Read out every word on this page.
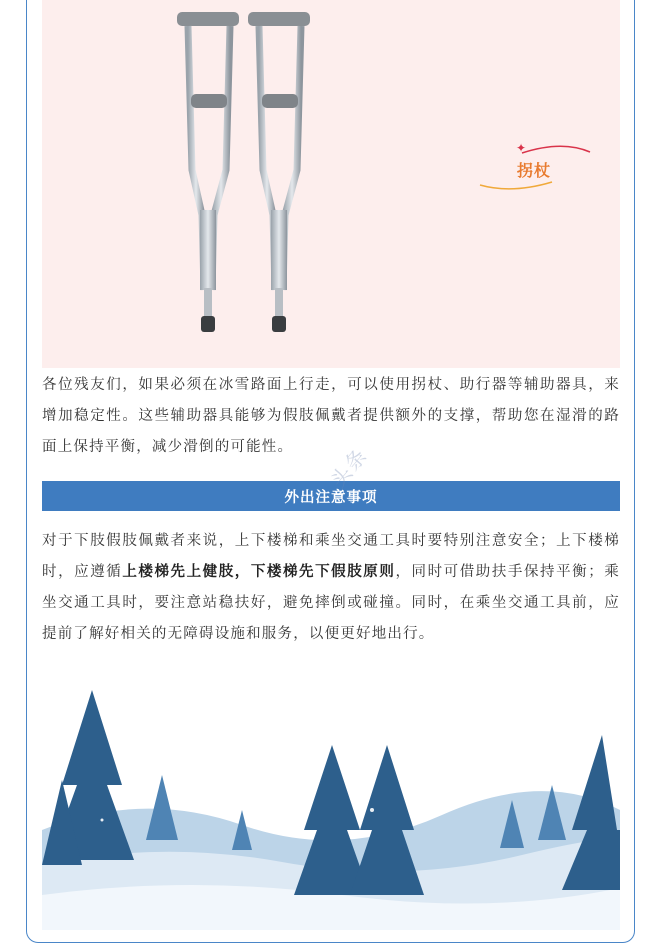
✦
拐杖

各位残友们，如果必须在冰雪路面上行走，可以使用拐杖、助行器等辅助器具，来增加稳定性。这些辅助器具能够为假肢佩戴者提供额外的支撑，帮助您在湿滑的路面上保持平衡，减少滑倒的可能性。

外出注意事项

对于下肢假肢佩戴者来说，上下楼梯和乘坐交通工具时要特别注意安全；上下楼梯时，应遵循上楼梯先上健肢，下楼梯先下假肢原则，同时可借助扶手保持平衡；乘坐交通工具时，要注意站稳扶好，避免摔倒或碰撞。同时，在乘坐交通工具前，应提前了解好相关的无障碍设施和服务，以便更好地出行。

头条
